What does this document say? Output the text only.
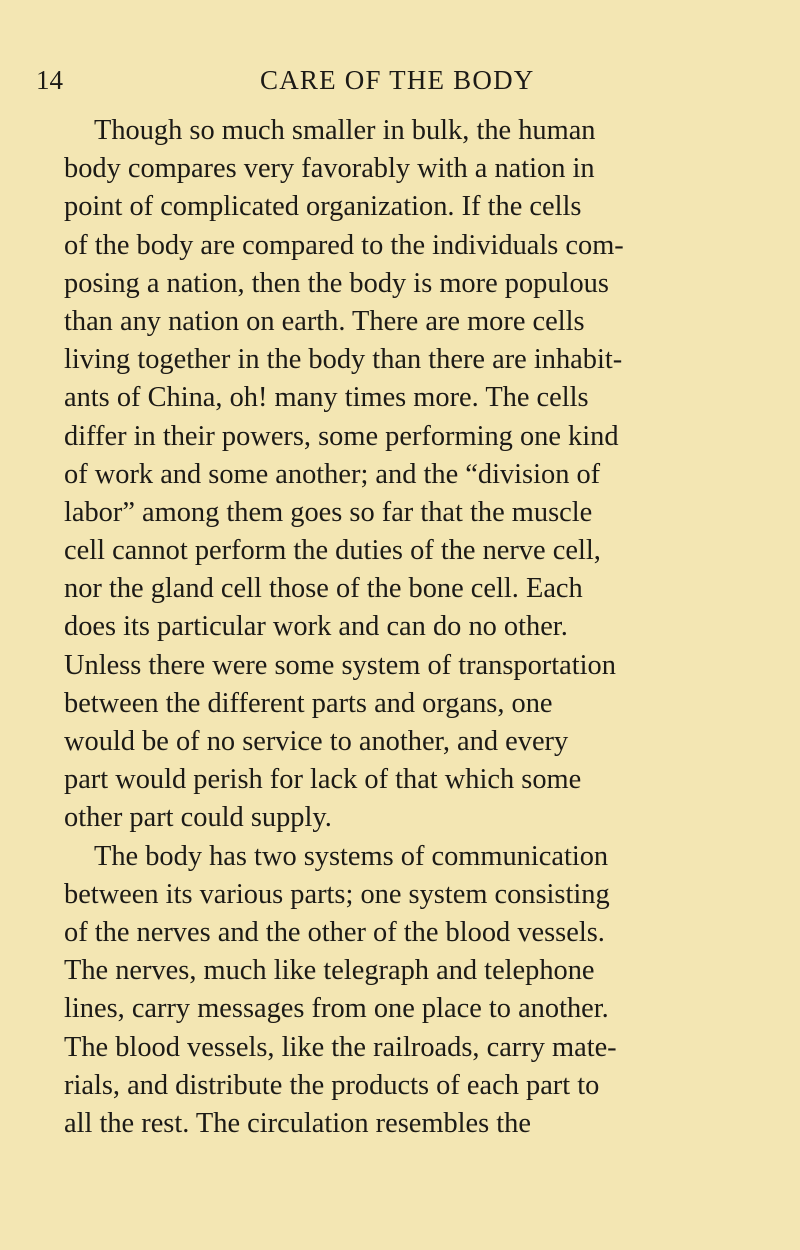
14	CARE OF THE BODY
Though so much smaller in bulk, the human
body compares very favorably with a nation in
point of complicated organization. If the cells
of the body are compared to the individuals com-
posing a nation, then the body is more populous
than any nation on earth. There are more cells
living together in the body than there are inhabit-
ants of China, oh! many times more. The cells
differ in their powers, some performing one kind
of work and some another; and the “division of
labor” among them goes so far that the muscle
cell cannot perform the duties of the nerve cell,
nor the gland cell those of the bone cell. Each
does its particular work and can do no other.
Unless there were some system of transportation
between the different parts and organs, one
would be of no service to another, and every
part would perish for lack of that which some
other part could supply.
The body has two systems of communication
between its various parts; one system consisting
of the nerves and the other of the blood vessels.
The nerves, much like telegraph and telephone
lines, carry messages from one place to another.
The blood vessels, like the railroads, carry mate-
rials, and distribute the products of each part to
all the rest. The circulation resembles the
